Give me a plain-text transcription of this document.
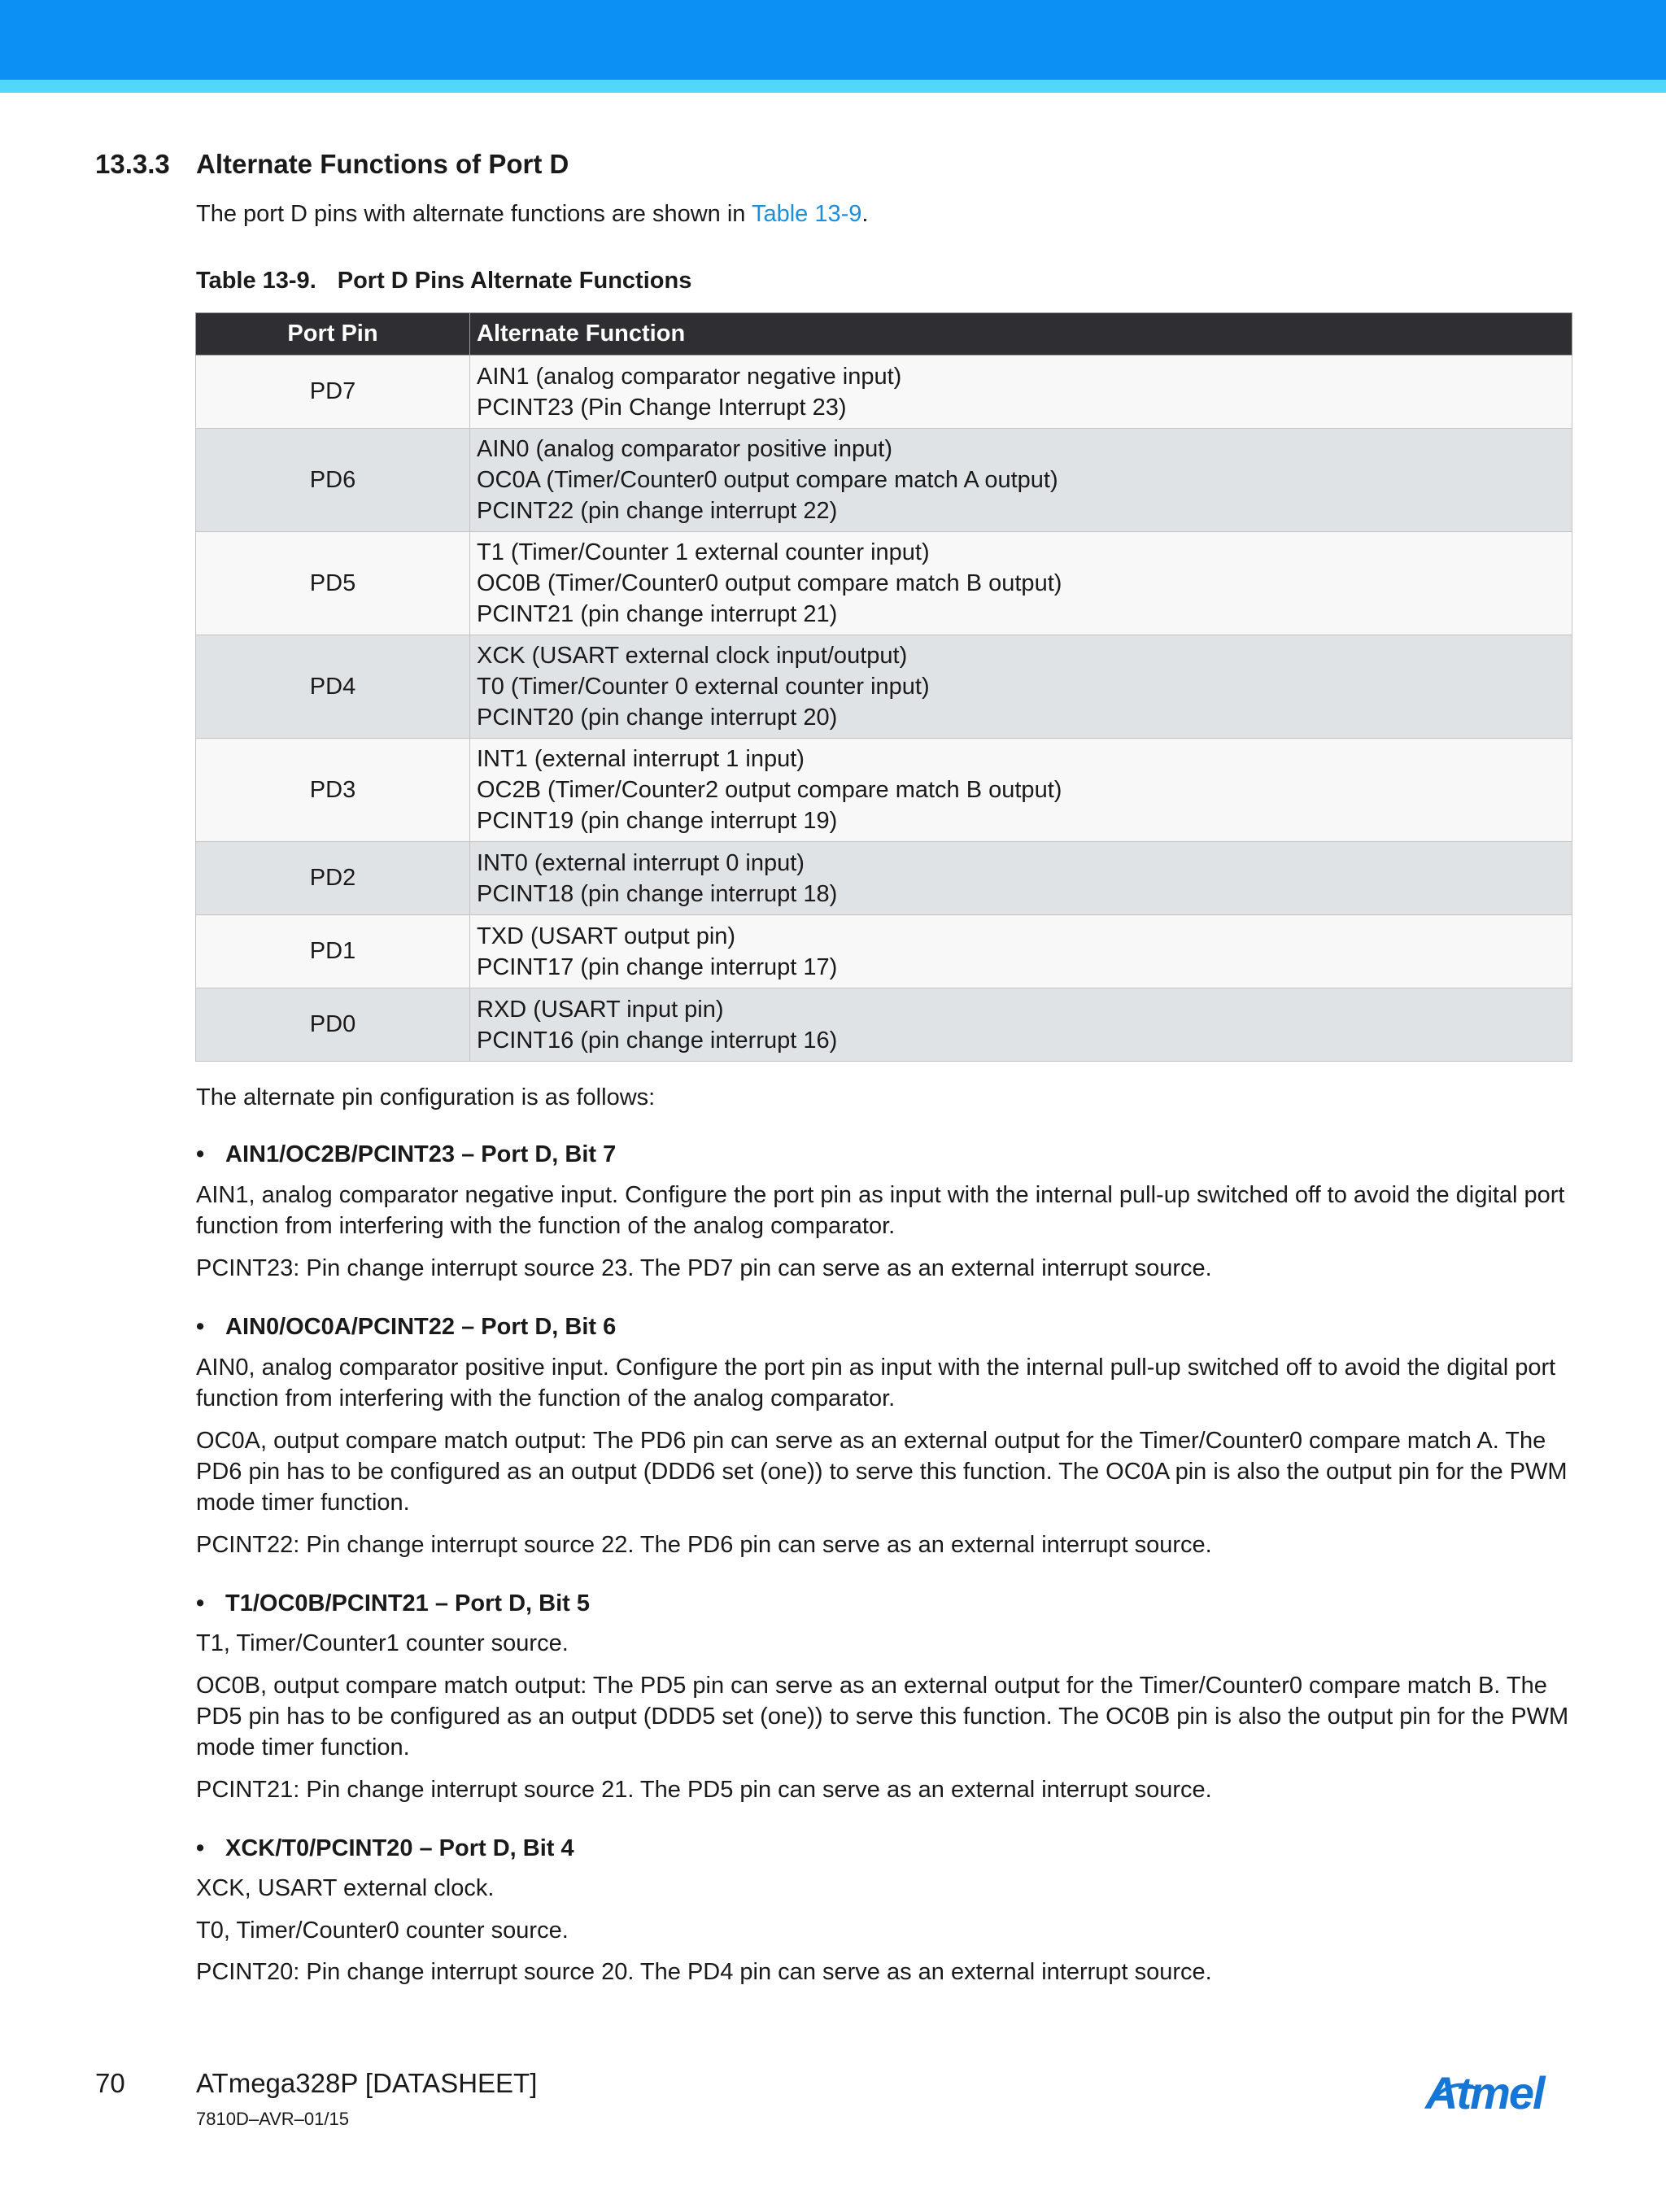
13.3.3 Alternate Functions of Port D

The port D pins with alternate functions are shown in Table 13-9.

Table 13-9. Port D Pins Alternate Functions
Port Pin	Alternate Function
PD7	AIN1 (analog comparator negative input)
PCINT23 (Pin Change Interrupt 23)

PD6	AIN0 (analog comparator positive input)
OC0A (Timer/Counter0 output compare match A output)
PCINT22 (pin change interrupt 22)

PD5	T1 (Timer/Counter 1 external counter input)
OC0B (Timer/Counter0 output compare match B output)
PCINT21 (pin change interrupt 21)

PD4	XCK (USART external clock input/output)
T0 (Timer/Counter 0 external counter input)
PCINT20 (pin change interrupt 20)

PD3	INT1 (external interrupt 1 input)
OC2B (Timer/Counter2 output compare match B output)
PCINT19 (pin change interrupt 19)

PD2	INT0 (external interrupt 0 input)
PCINT18 (pin change interrupt 18)

PD1	TXD (USART output pin)
PCINT17 (pin change interrupt 17)

PD0	RXD (USART input pin)
PCINT16 (pin change interrupt 16)

The alternate pin configuration is as follows:

• AIN1/OC2B/PCINT23 – Port D, Bit 7

AIN1, analog comparator negative input. Configure the port pin as input with the internal pull-up switched off to avoid the digital port function from interfering with the function of the analog comparator.

PCINT23: Pin change interrupt source 23. The PD7 pin can serve as an external interrupt source.

• AIN0/OC0A/PCINT22 – Port D, Bit 6

AIN0, analog comparator positive input. Configure the port pin as input with the internal pull-up switched off to avoid the digital port function from interfering with the function of the analog comparator.

OC0A, output compare match output: The PD6 pin can serve as an external output for the Timer/Counter0 compare match A. The PD6 pin has to be configured as an output (DDD6 set (one)) to serve this function. The OC0A pin is also the output pin for the PWM mode timer function.

PCINT22: Pin change interrupt source 22. The PD6 pin can serve as an external interrupt source.

• T1/OC0B/PCINT21 – Port D, Bit 5

T1, Timer/Counter1 counter source.

OC0B, output compare match output: The PD5 pin can serve as an external output for the Timer/Counter0 compare match B. The PD5 pin has to be configured as an output (DDD5 set (one)) to serve this function. The OC0B pin is also the output pin for the PWM mode timer function.

PCINT21: Pin change interrupt source 21. The PD5 pin can serve as an external interrupt source.

• XCK/T0/PCINT20 – Port D, Bit 4

XCK, USART external clock.

T0, Timer/Counter0 counter source.

PCINT20: Pin change interrupt source 20. The PD4 pin can serve as an external interrupt source.

70	ATmega328P [DATASHEET]
7810D–AVR–01/15
Atmel
